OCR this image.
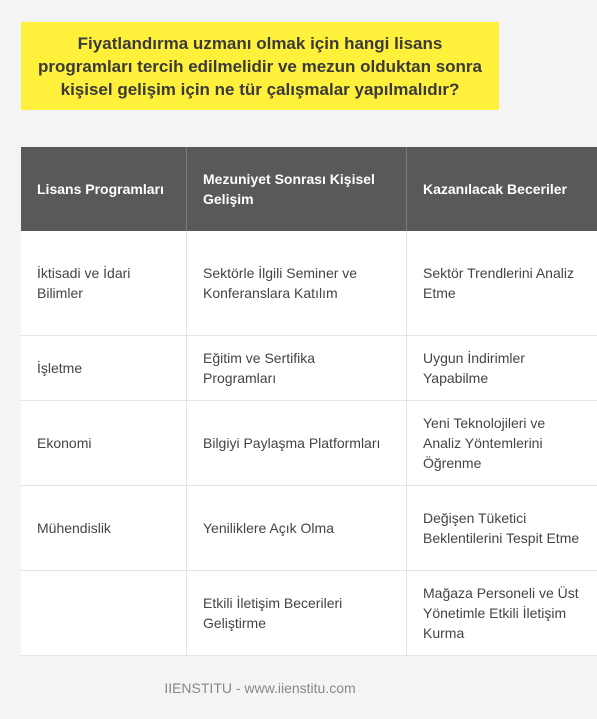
Fiyatlandırma uzmanı olmak için hangi lisans programları tercih edilmelidir ve mezun olduktan sonra kişisel gelişim için ne tür çalışmalar yapılmalıdır?
Lisans Programları	Mezuniyet Sonrası Kişisel Gelişim	Kazanılacak Beceriler
İktisadi ve İdari Bilimler	Sektörle İlgili Seminer ve Konferanslara Katılım	Sektör Trendlerini Analiz Etme
İşletme	Eğitim ve Sertifika Programları	Uygun İndirimler Yapabilme
Ekonomi	Bilgiyi Paylaşma Platformları	Yeni Teknolojileri ve Analiz Yöntemlerini Öğrenme
Mühendislik	Yeniliklere Açık Olma	Değişen Tüketici Beklentilerini Tespit Etme
	Etkili İletişim Becerileri Geliştirme	Mağaza Personeli ve Üst Yönetimle Etkili İletişim Kurma
IIENSTITU - www.iienstitu.com
